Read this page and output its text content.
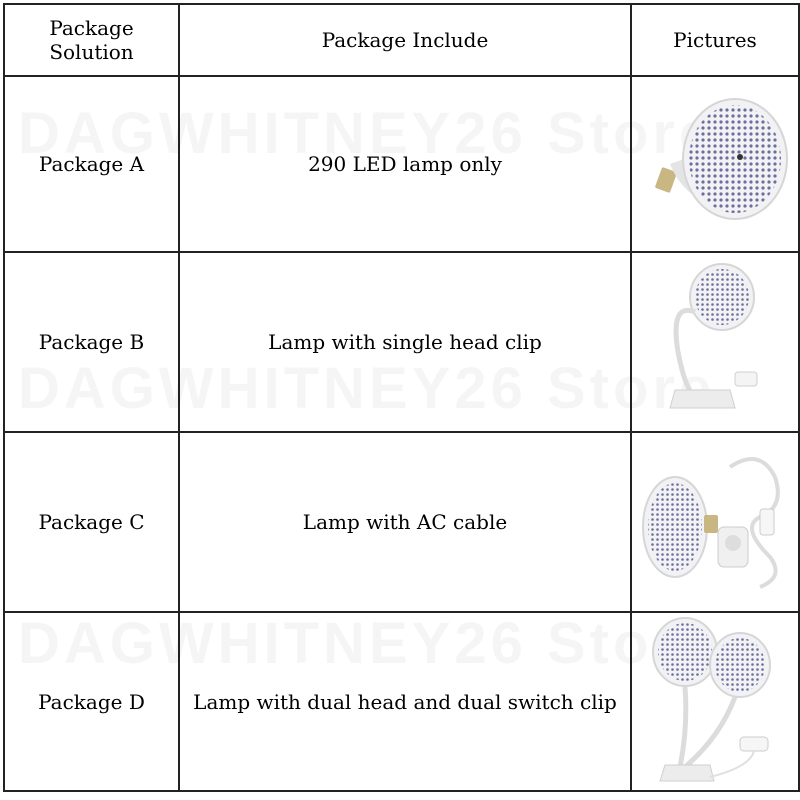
Package Solution	Package Include	Pictures
Package A	290 LED lamp only	

Package B	Lamp with single head clip	

Package C	Lamp with AC cable	

Package D	Lamp with dual head and dual switch clip	
